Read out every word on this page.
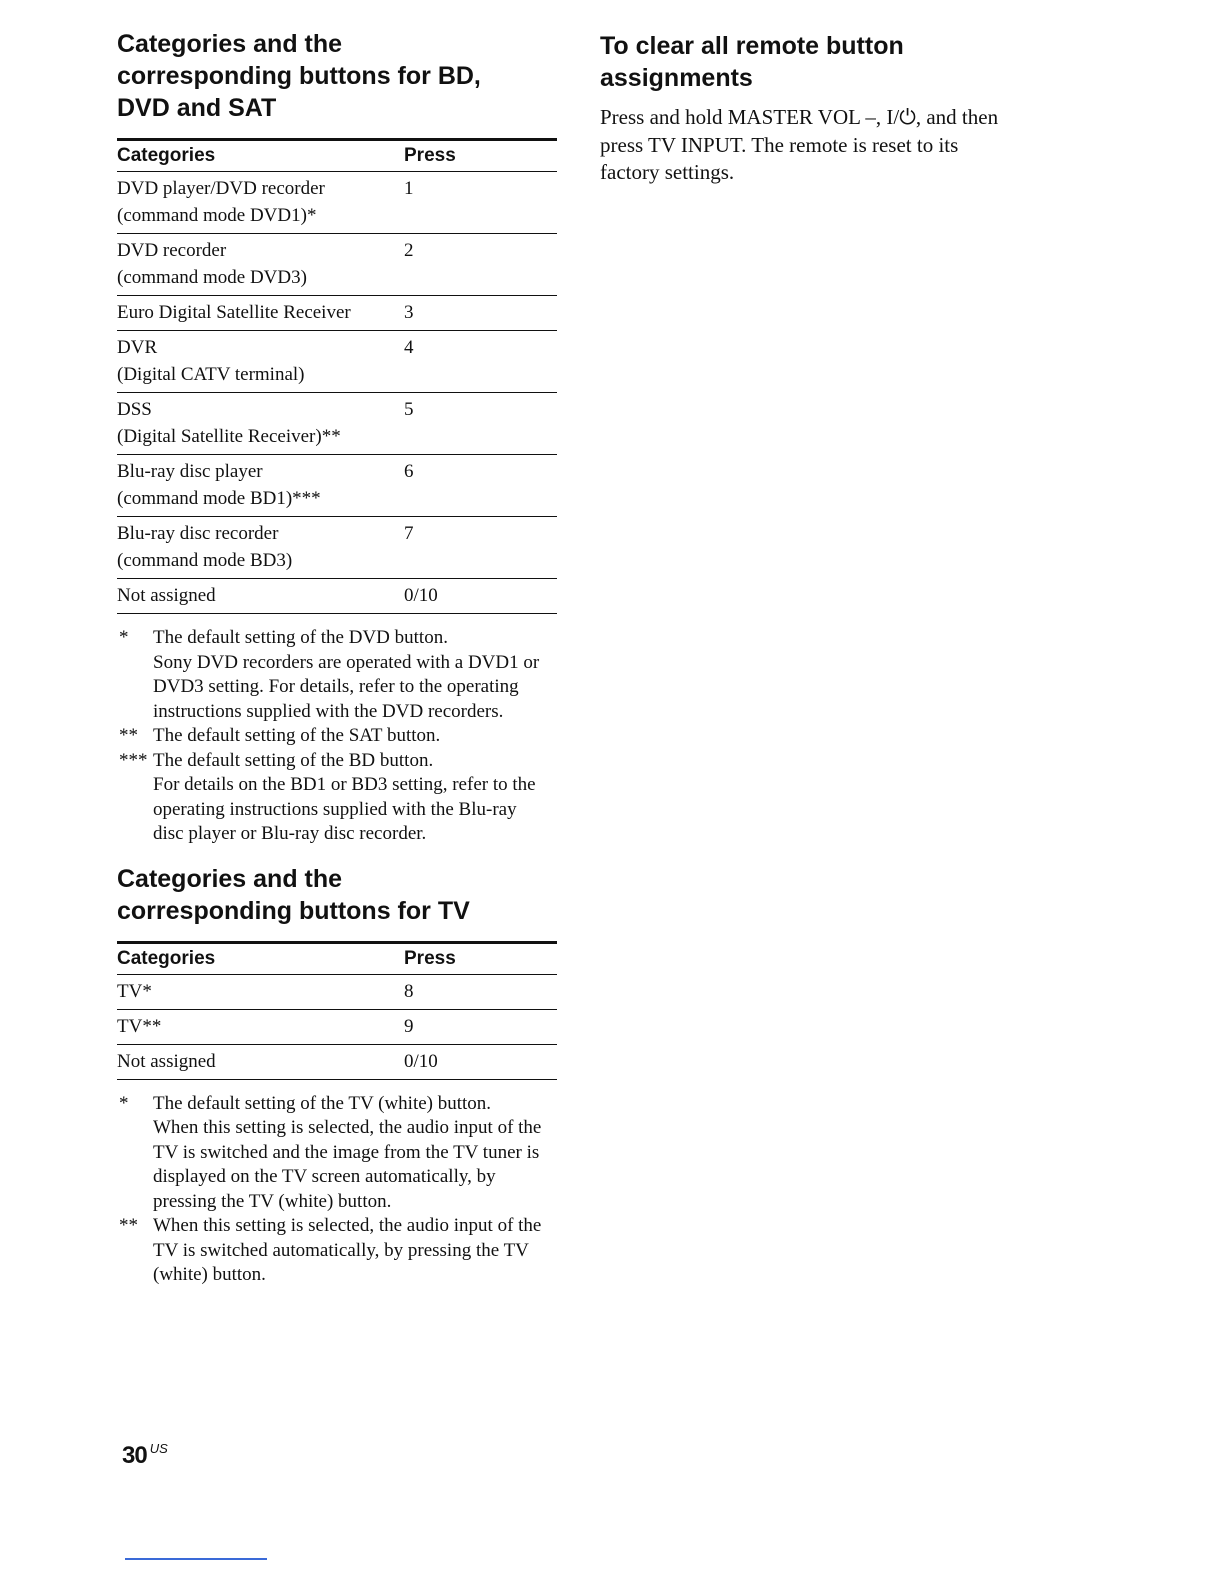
Categories and the
corresponding buttons for BD,
DVD and SAT
Categories	Press

DVD player/DVD recorder
(command mode DVD1)*	1

DVD recorder
(command mode DVD3)	2

Euro Digital Satellite Receiver	3

DVR
(Digital CATV terminal)	4

DSS
(Digital Satellite Receiver)**	5

Blu-ray disc player
(command mode BD1)***	6

Blu-ray disc recorder
(command mode BD3)	7

Not assigned	0/10
*	The default setting of the DVD button.
Sony DVD recorders are operated with a DVD1 or
DVD3 setting. For details, refer to the operating
instructions supplied with the DVD recorders.
** The default setting of the SAT button.
*** The default setting of the BD button.
For details on the BD1 or BD3 setting, refer to the
operating instructions supplied with the Blu-ray
disc player or Blu-ray disc recorder.
Categories and the
corresponding buttons for TV
Categories	Press
TV*	8
TV**	9
Not assigned	0/10
*	The default setting of the TV (white) button.
When this setting is selected, the audio input of the
TV is switched and the image from the TV tuner is
displayed on the TV screen automatically, by
pressing the TV (white) button.
** When this setting is selected, the audio input of the
TV is switched automatically, by pressing the TV
(white) button.
To clear all remote button
assignments
Press and hold MASTER VOL –, I/⏻, and then
press TV INPUT. The remote is reset to its
factory settings.
30 $^{US}$
